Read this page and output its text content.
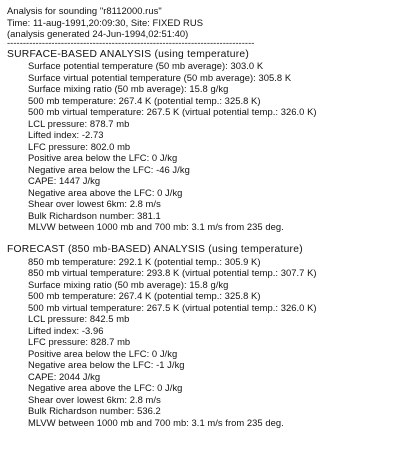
Analysis for sounding "r8112000.rus"
Time: 11-aug-1991,20:09:30, Site: FIXED RUS
(analysis generated 24-Jun-1994,02:51:40)
------------------------------------------------------------------------------
SURFACE-BASED ANALYSIS (using temperature)
Surface potential temperature (50 mb average): 303.0 K
Surface virtual potential temperature (50 mb average): 305.8 K
Surface mixing ratio (50 mb average): 15.8 g/kg
500 mb temperature: 267.4 K (potential temp.: 325.8 K)
500 mb virtual temperature: 267.5 K (virtual potential temp.: 326.0 K)
LCL pressure: 878.7 mb
Lifted index: -2.73
LFC pressure: 802.0 mb
Positive area below the LFC: 0 J/kg
Negative area below the LFC: -46 J/kg
CAPE: 1447 J/kg
Negative area above the LFC: 0 J/kg
Shear over lowest 6km: 2.8 m/s
Bulk Richardson number: 381.1
MLVW between 1000 mb and 700 mb: 3.1 m/s from 235 deg.
FORECAST (850 mb-BASED) ANALYSIS (using temperature)
850 mb temperature: 292.1 K (potential temp.: 305.9 K)
850 mb virtual temperature: 293.8 K (virtual potential temp.: 307.7 K)
Surface mixing ratio (50 mb average): 15.8 g/kg
500 mb temperature: 267.4 K (potential temp.: 325.8 K)
500 mb virtual temperature: 267.5 K (virtual potential temp.: 326.0 K)
LCL pressure: 842.5 mb
Lifted index: -3.96
LFC pressure: 828.7 mb
Positive area below the LFC: 0 J/kg
Negative area below the LFC: -1 J/kg
CAPE: 2044 J/kg
Negative area above the LFC: 0 J/kg
Shear over lowest 6km: 2.8 m/s
Bulk Richardson number: 536.2
MLVW between 1000 mb and 700 mb: 3.1 m/s from 235 deg.
